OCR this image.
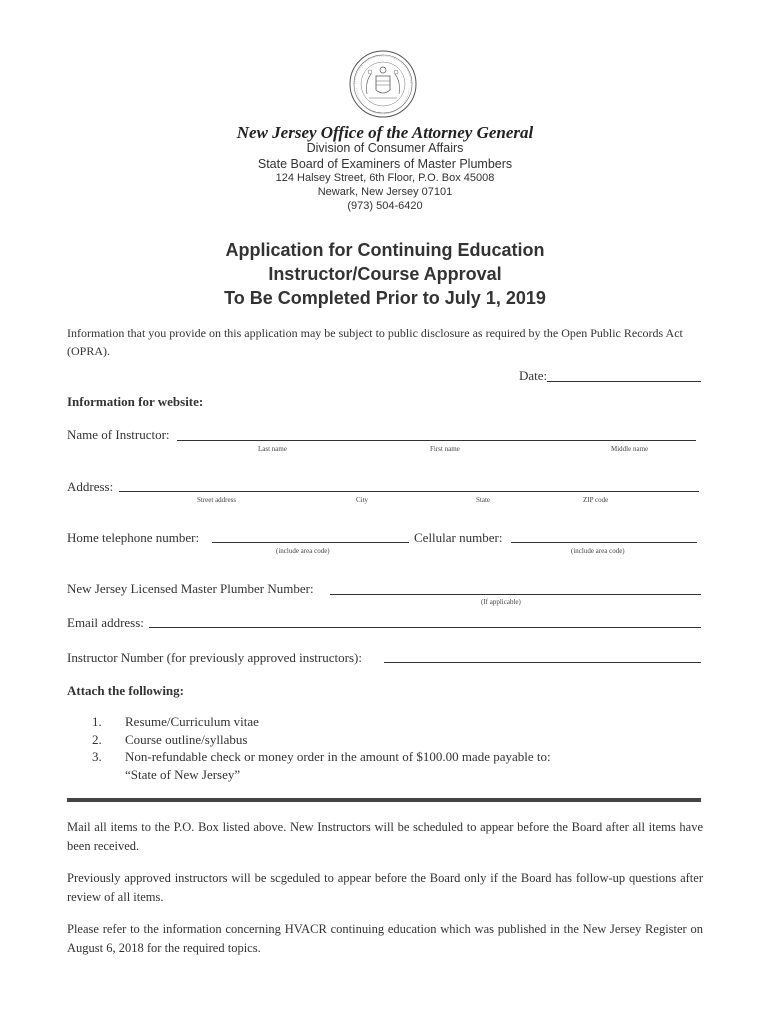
New Jersey Office of the Attorney General
Division of Consumer Affairs
State Board of Examiners of Master Plumbers
124 Halsey Street, 6th Floor, P.O. Box 45008
Newark, New Jersey 07101
(973) 504-6420
Application for Continuing Education
Instructor/Course Approval
To Be Completed Prior to July 1, 2019
Information that you provide on this application may be subject to public disclosure as required by the Open Public Records Act (OPRA).
Date:
Information for website:
Name of Instructor:
Last name	First name	Middle name
Address:
Street address	City	State	ZIP code
Home telephone number:
(include area code)
Cellular number:
(include area code)
New Jersey Licensed Master Plumber Number:
(If applicable)
Email address:
Instructor Number (for previously approved instructors):
Attach the following:
1. Resume/Curriculum vitae
2. Course outline/syllabus
3. Non-refundable check or money order in the amount of $100.00 made payable to:
“State of New Jersey”
Mail all items to the P.O. Box listed above. New Instructors will be scheduled to appear before the Board after all items have been received.
Previously approved instructors will be scgeduled to appear before the Board only if the Board has follow-up questions after review of all items.
Please refer to the information concerning HVACR continuing education which was published in the New Jersey Register on August 6, 2018 for the required topics.
